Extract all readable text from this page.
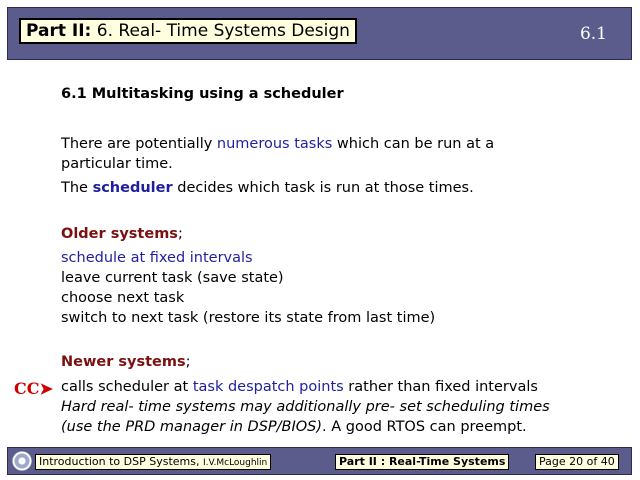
Part II: 6. Real- Time Systems Design	6.1
6.1 Multitasking using a scheduler
There are potentially numerous tasks which can be run at a
particular time.
The scheduler decides which task is run at those times.
Older systems;
schedule at fixed intervals
leave current task (save state)
choose next task
switch to next task (restore its state from last time)
Newer systems;
CC➤ calls scheduler at task despatch points rather than fixed intervals
Hard real- time systems may additionally pre- set scheduling times
(use the PRD manager in DSP/BIOS). A good RTOS can preempt.
Introduction to DSP Systems, I.V.McLoughlin	Part II : Real-Time Systems	Page 20 of 40
